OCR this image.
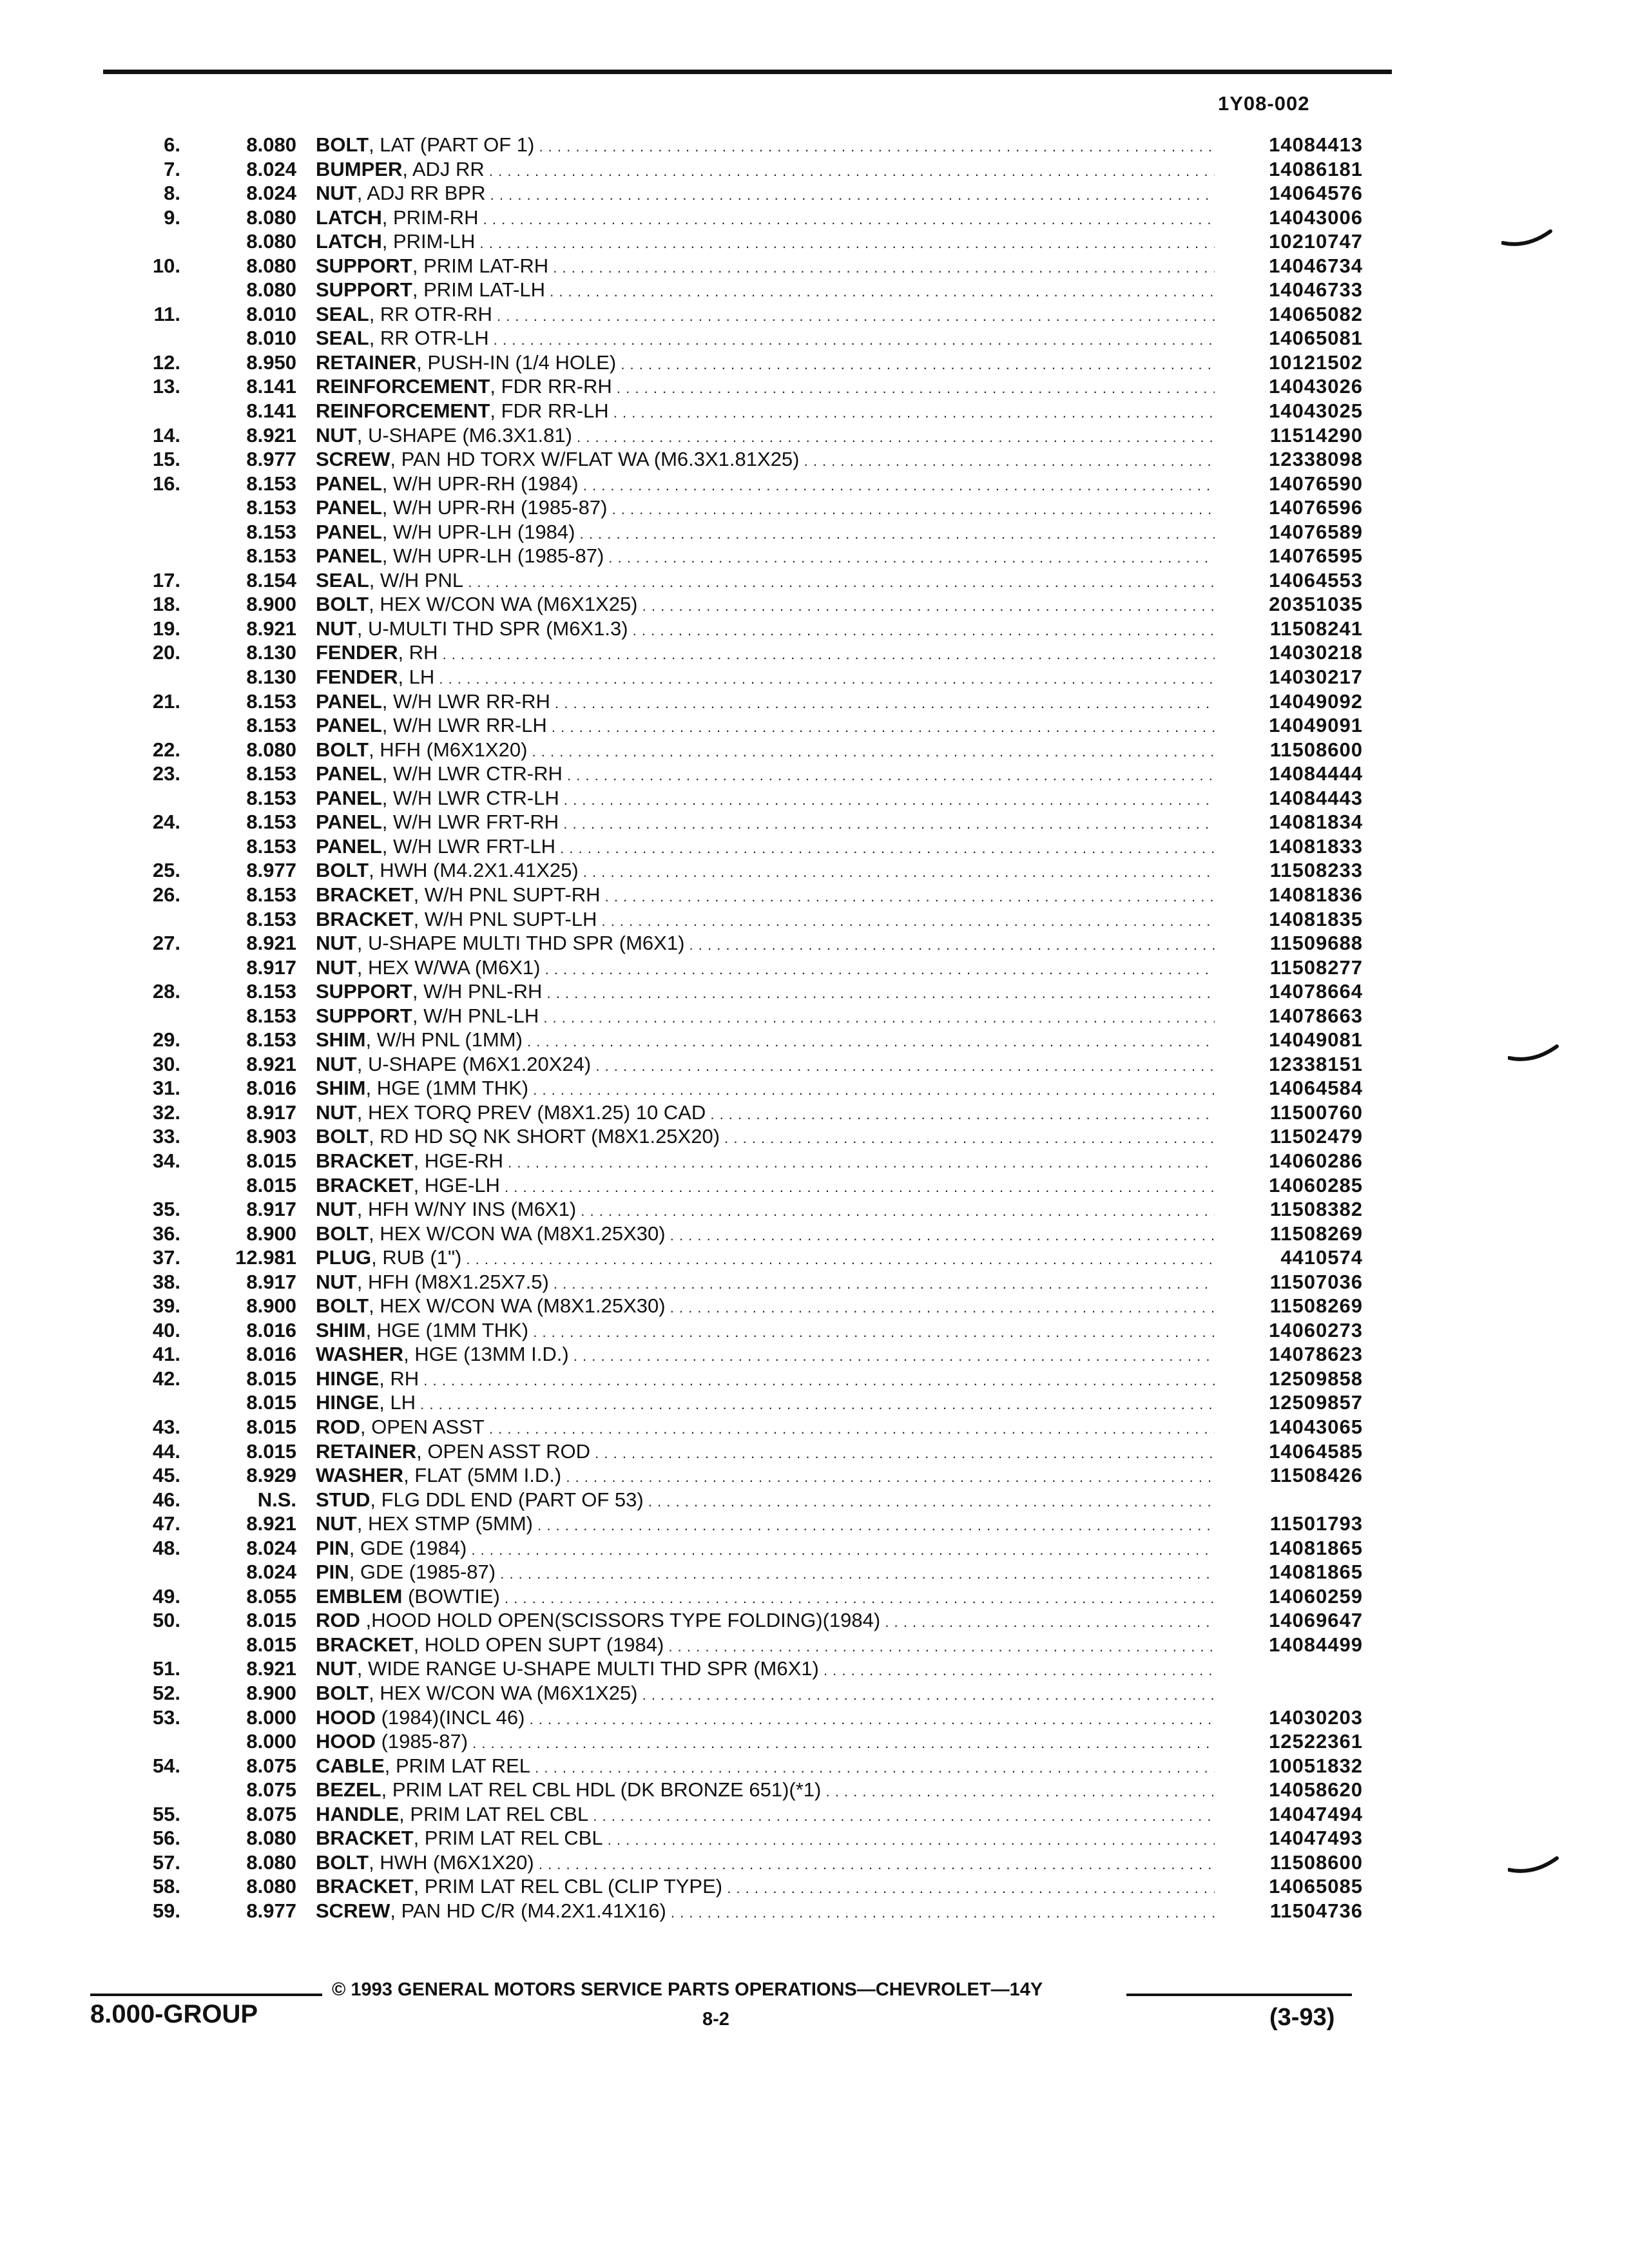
1Y08-002
6.	8.080 BOLT, LAT (PART OF 1) . . .	14084413
7.	8.024 BUMPER, ADJ RR . . .	14086181
8.	8.024 NUT, ADJ RR BPR . . .	14064576
9.	8.080 LATCH, PRIM-RH . . .	14043006
8.080 LATCH, PRIM-LH . . .	10210747
10.	8.080 SUPPORT, PRIM LAT-RH . . .	14046734
8.080 SUPPORT, PRIM LAT-LH . . .	14046733
11.	8.010 SEAL, RR OTR-RH . . .	14065082
8.010 SEAL, RR OTR-LH . . .	14065081
12.	8.950 RETAINER, PUSH-IN (1/4 HOLE) . . .	10121502
13.	8.141 REINFORCEMENT, FDR RR-RH . . .	14043026
8.141 REINFORCEMENT, FDR RR-LH . . .	14043025
14.	8.921 NUT, U-SHAPE (M6.3X1.81) . . .	11514290
15.	8.977 SCREW, PAN HD TORX W/FLAT WA (M6.3X1.81X25) . . .	12338098
16.	8.153 PANEL, W/H UPR-RH (1984) . . .	14076590
8.153 PANEL, W/H UPR-RH (1985-87) . . .	14076596
8.153 PANEL, W/H UPR-LH (1984) . . .	14076589
8.153 PANEL, W/H UPR-LH (1985-87) . . .	14076595
17.	8.154 SEAL, W/H PNL . . .	14064553
18.	8.900 BOLT, HEX W/CON WA (M6X1X25) . . .	20351035
19.	8.921 NUT, U-MULTI THD SPR (M6X1.3) . . .	11508241
20.	8.130 FENDER, RH . . .	14030218
8.130 FENDER, LH . . .	14030217
21.	8.153 PANEL, W/H LWR RR-RH . . .	14049092
8.153 PANEL, W/H LWR RR-LH . . .	14049091
22.	8.080 BOLT, HFH (M6X1X20) . . .	11508600
23.	8.153 PANEL, W/H LWR CTR-RH . . .	14084444
8.153 PANEL, W/H LWR CTR-LH . . .	14084443
24.	8.153 PANEL, W/H LWR FRT-RH . . .	14081834
8.153 PANEL, W/H LWR FRT-LH . . .	14081833
25.	8.977 BOLT, HWH (M4.2X1.41X25) . . .	11508233
26.	8.153 BRACKET, W/H PNL SUPT-RH . . .	14081836
8.153 BRACKET, W/H PNL SUPT-LH . . .	14081835
27.	8.921 NUT, U-SHAPE MULTI THD SPR (M6X1) . . .	11509688
8.917 NUT, HEX W/WA (M6X1) . . .	11508277
28.	8.153 SUPPORT, W/H PNL-RH . . .	14078664
8.153 SUPPORT, W/H PNL-LH . . .	14078663
29.	8.153 SHIM, W/H PNL (1MM) . . .	14049081
30.	8.921 NUT, U-SHAPE (M6X1.20X24) . . .	12338151
31.	8.016 SHIM, HGE (1MM THK) . . .	14064584
32.	8.917 NUT, HEX TORQ PREV (M8X1.25) 10 CAD . . .	11500760
33.	8.903 BOLT, RD HD SQ NK SHORT (M8X1.25X20) . . .	11502479
34.	8.015 BRACKET, HGE-RH . . .	14060286
8.015 BRACKET, HGE-LH . . .	14060285
35.	8.917 NUT, HFH W/NY INS (M6X1) . . .	11508382
36.	8.900 BOLT, HEX W/CON WA (M8X1.25X30) . . .	11508269
37.	12.981 PLUG, RUB (1") . . .	4410574
38.	8.917 NUT, HFH (M8X1.25X7.5) . . .	11507036
39.	8.900 BOLT, HEX W/CON WA (M8X1.25X30) . . .	11508269
40.	8.016 SHIM, HGE (1MM THK) . . .	14060273
41.	8.016 WASHER, HGE (13MM I.D.) . . .	14078623
42.	8.015 HINGE, RH . . .	12509858
8.015 HINGE, LH . . .	12509857
43.	8.015 ROD, OPEN ASST . . .	14043065
44.	8.015 RETAINER, OPEN ASST ROD . . .	14064585
45.	8.929 WASHER, FLAT (5MM I.D.) . . .	11508426
46.	N.S. STUD, FLG DDL END (PART OF 53) . . .
47.	8.921 NUT, HEX STMP (5MM) . . .	11501793
48.	8.024 PIN, GDE (1984) . . .	14081865
8.024 PIN, GDE (1985-87) . . .	14081865
49.	8.055 EMBLEM (BOWTIE) . . .	14060259
50.	8.015 ROD ,HOOD HOLD OPEN(SCISSORS TYPE FOLDING)(1984) . . .	14069647
8.015 BRACKET, HOLD OPEN SUPT (1984) . . .	14084499
51.	8.921 NUT, WIDE RANGE U-SHAPE MULTI THD SPR (M6X1) . . .
52.	8.900 BOLT, HEX W/CON WA (M6X1X25) . . .
53.	8.000 HOOD (1984)(INCL 46) . . .	14030203
8.000 HOOD (1985-87) . . .	12522361
54.	8.075 CABLE, PRIM LAT REL . . .	10051832
8.075 BEZEL, PRIM LAT REL CBL HDL (DK BRONZE 651)(*1) . . .	14058620
55.	8.075 HANDLE, PRIM LAT REL CBL . . .	14047494
56.	8.080 BRACKET, PRIM LAT REL CBL . . .	14047493
57.	8.080 BOLT, HWH (M6X1X20) . . .	11508600
58.	8.080 BRACKET, PRIM LAT REL CBL (CLIP TYPE) . . .	14065085
59.	8.977 SCREW, PAN HD C/R (M4.2X1.41X16) . . .	11504736
© 1993 GENERAL MOTORS SERVICE PARTS OPERATIONS—CHEVROLET—14Y
8.000-GROUP	8-2	(3-93)
